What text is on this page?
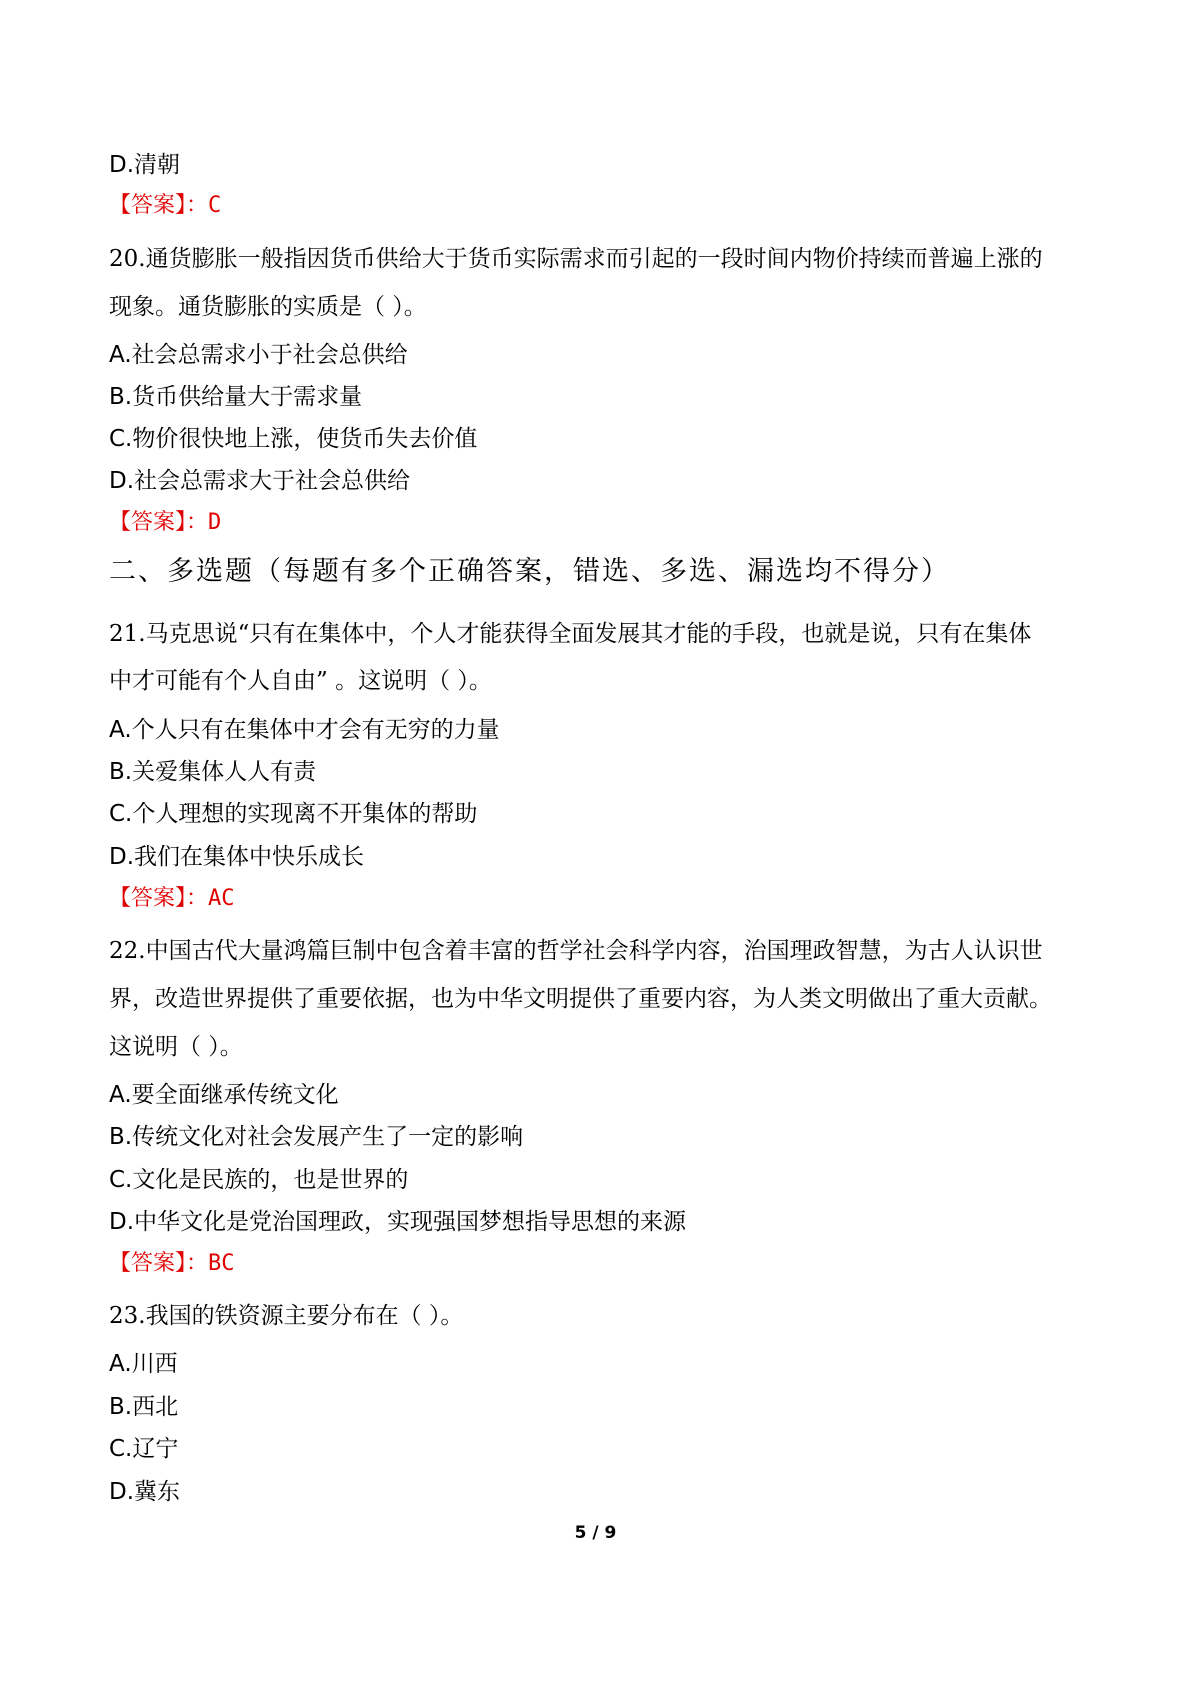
D.清朝
【答案】：C
20.通货膨胀一般指因货币供给大于货币实际需求而引起的一段时间内物价持续而普遍上涨的
现象。通货膨胀的实质是（ ）。
A.社会总需求小于社会总供给
B.货币供给量大于需求量
C.物价很快地上涨，使货币失去价值
D.社会总需求大于社会总供给
【答案】：D
二、多选题（每题有多个正确答案，错选、多选、漏选均不得分）
21.马克思说“只有在集体中，个人才能获得全面发展其才能的手段，也就是说，只有在集体
中才可能有个人自由” 。这说明（ ）。
A.个人只有在集体中才会有无穷的力量
B.关爱集体人人有责
C.个人理想的实现离不开集体的帮助
D.我们在集体中快乐成长
【答案】：AC
22.中国古代大量鸿篇巨制中包含着丰富的哲学社会科学内容，治国理政智慧，为古人认识世
界，改造世界提供了重要依据，也为中华文明提供了重要内容，为人类文明做出了重大贡献。
这说明（ ）。
A.要全面继承传统文化
B.传统文化对社会发展产生了一定的影响
C.文化是民族的，也是世界的
D.中华文化是党治国理政，实现强国梦想指导思想的来源
【答案】：BC
23.我国的铁资源主要分布在（ ）。
A.川西
B.西北
C.辽宁
D.冀东
5 / 9
